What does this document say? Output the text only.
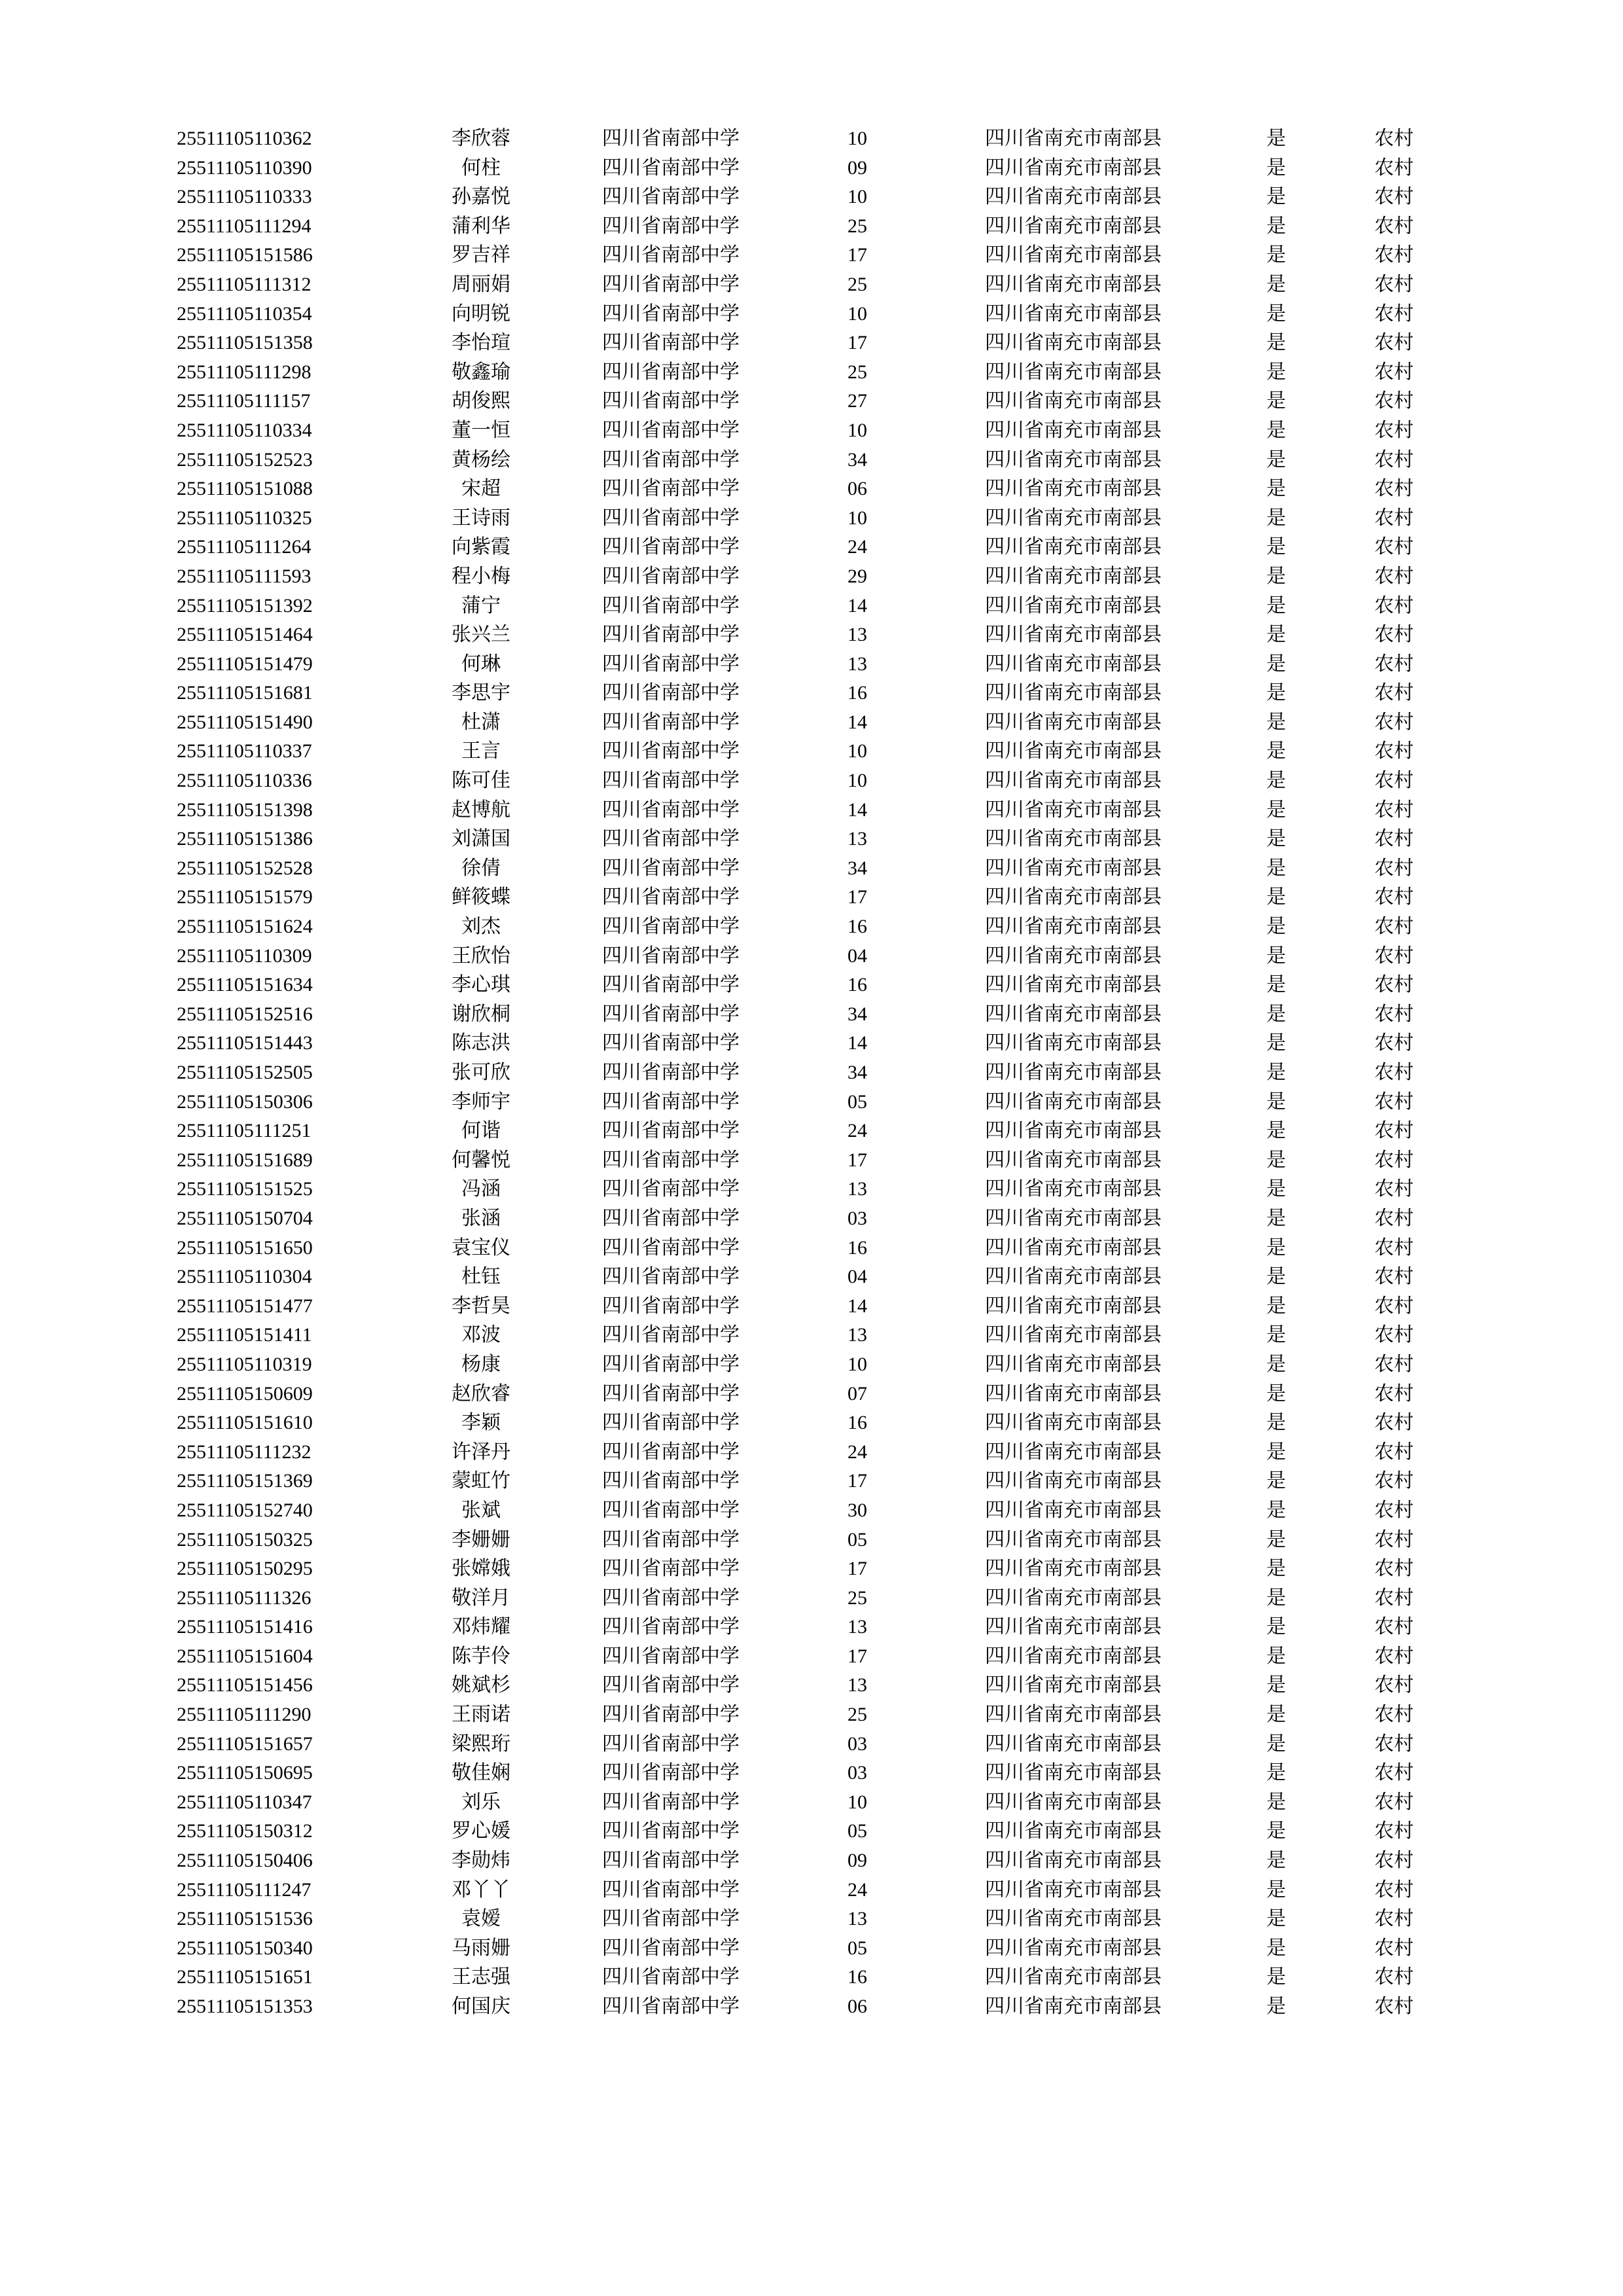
25511105110362	李欣蓉	四川省南部中学	10	四川省南充市南部县	是	农村
25511105110390	何柱	四川省南部中学	09	四川省南充市南部县	是	农村
25511105110333	孙嘉悦	四川省南部中学	10	四川省南充市南部县	是	农村
25511105111294	蒲利华	四川省南部中学	25	四川省南充市南部县	是	农村
25511105151586	罗吉祥	四川省南部中学	17	四川省南充市南部县	是	农村
25511105111312	周丽娟	四川省南部中学	25	四川省南充市南部县	是	农村
25511105110354	向明锐	四川省南部中学	10	四川省南充市南部县	是	农村
25511105151358	李怡瑄	四川省南部中学	17	四川省南充市南部县	是	农村
25511105111298	敬鑫瑜	四川省南部中学	25	四川省南充市南部县	是	农村
25511105111157	胡俊熙	四川省南部中学	27	四川省南充市南部县	是	农村
25511105110334	董一恒	四川省南部中学	10	四川省南充市南部县	是	农村
25511105152523	黄杨绘	四川省南部中学	34	四川省南充市南部县	是	农村
25511105151088	宋超	四川省南部中学	06	四川省南充市南部县	是	农村
25511105110325	王诗雨	四川省南部中学	10	四川省南充市南部县	是	农村
25511105111264	向紫霞	四川省南部中学	24	四川省南充市南部县	是	农村
25511105111593	程小梅	四川省南部中学	29	四川省南充市南部县	是	农村
25511105151392	蒲宁	四川省南部中学	14	四川省南充市南部县	是	农村
25511105151464	张兴兰	四川省南部中学	13	四川省南充市南部县	是	农村
25511105151479	何琳	四川省南部中学	13	四川省南充市南部县	是	农村
25511105151681	李思宇	四川省南部中学	16	四川省南充市南部县	是	农村
25511105151490	杜潇	四川省南部中学	14	四川省南充市南部县	是	农村
25511105110337	王言	四川省南部中学	10	四川省南充市南部县	是	农村
25511105110336	陈可佳	四川省南部中学	10	四川省南充市南部县	是	农村
25511105151398	赵博航	四川省南部中学	14	四川省南充市南部县	是	农村
25511105151386	刘潇国	四川省南部中学	13	四川省南充市南部县	是	农村
25511105152528	徐倩	四川省南部中学	34	四川省南充市南部县	是	农村
25511105151579	鲜筱蝶	四川省南部中学	17	四川省南充市南部县	是	农村
25511105151624	刘杰	四川省南部中学	16	四川省南充市南部县	是	农村
25511105110309	王欣怡	四川省南部中学	04	四川省南充市南部县	是	农村
25511105151634	李心琪	四川省南部中学	16	四川省南充市南部县	是	农村
25511105152516	谢欣桐	四川省南部中学	34	四川省南充市南部县	是	农村
25511105151443	陈志洪	四川省南部中学	14	四川省南充市南部县	是	农村
25511105152505	张可欣	四川省南部中学	34	四川省南充市南部县	是	农村
25511105150306	李师宇	四川省南部中学	05	四川省南充市南部县	是	农村
25511105111251	何谐	四川省南部中学	24	四川省南充市南部县	是	农村
25511105151689	何馨悦	四川省南部中学	17	四川省南充市南部县	是	农村
25511105151525	冯涵	四川省南部中学	13	四川省南充市南部县	是	农村
25511105150704	张涵	四川省南部中学	03	四川省南充市南部县	是	农村
25511105151650	袁宝仪	四川省南部中学	16	四川省南充市南部县	是	农村
25511105110304	杜钰	四川省南部中学	04	四川省南充市南部县	是	农村
25511105151477	李哲昊	四川省南部中学	14	四川省南充市南部县	是	农村
25511105151411	邓波	四川省南部中学	13	四川省南充市南部县	是	农村
25511105110319	杨康	四川省南部中学	10	四川省南充市南部县	是	农村
25511105150609	赵欣睿	四川省南部中学	07	四川省南充市南部县	是	农村
25511105151610	李颖	四川省南部中学	16	四川省南充市南部县	是	农村
25511105111232	许泽丹	四川省南部中学	24	四川省南充市南部县	是	农村
25511105151369	蒙虹竹	四川省南部中学	17	四川省南充市南部县	是	农村
25511105152740	张斌	四川省南部中学	30	四川省南充市南部县	是	农村
25511105150325	李姗姗	四川省南部中学	05	四川省南充市南部县	是	农村
25511105150295	张嫦娥	四川省南部中学	17	四川省南充市南部县	是	农村
25511105111326	敬洋月	四川省南部中学	25	四川省南充市南部县	是	农村
25511105151416	邓炜耀	四川省南部中学	13	四川省南充市南部县	是	农村
25511105151604	陈芋伶	四川省南部中学	17	四川省南充市南部县	是	农村
25511105151456	姚斌杉	四川省南部中学	13	四川省南充市南部县	是	农村
25511105111290	王雨诺	四川省南部中学	25	四川省南充市南部县	是	农村
25511105151657	梁熙珩	四川省南部中学	03	四川省南充市南部县	是	农村
25511105150695	敬佳娴	四川省南部中学	03	四川省南充市南部县	是	农村
25511105110347	刘乐	四川省南部中学	10	四川省南充市南部县	是	农村
25511105150312	罗心媛	四川省南部中学	05	四川省南充市南部县	是	农村
25511105150406	李勋炜	四川省南部中学	09	四川省南充市南部县	是	农村
25511105111247	邓丫丫	四川省南部中学	24	四川省南充市南部县	是	农村
25511105151536	袁嫒	四川省南部中学	13	四川省南充市南部县	是	农村
25511105150340	马雨姗	四川省南部中学	05	四川省南充市南部县	是	农村
25511105151651	王志强	四川省南部中学	16	四川省南充市南部县	是	农村
25511105151353	何国庆	四川省南部中学	06	四川省南充市南部县	是	农村
